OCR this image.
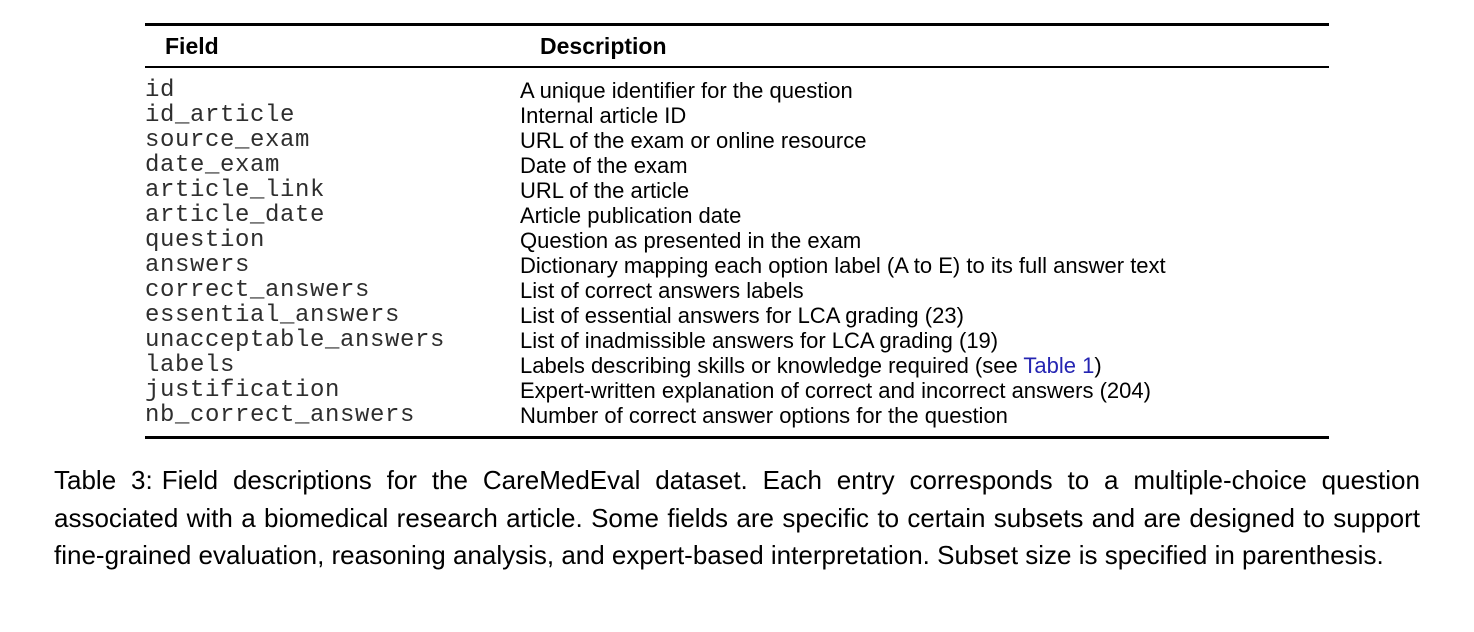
Field	Description
id	A unique identifier for the question
id_article	Internal article ID
source_exam	URL of the exam or online resource
date_exam	Date of the exam
article_link	URL of the article
article_date	Article publication date
question	Question as presented in the exam
answers	Dictionary mapping each option label (A to E) to its full answer text
correct_answers	List of correct answers labels
essential_answers	List of essential answers for LCA grading (23)
unacceptable_answers	List of inadmissible answers for LCA grading (19)
labels	Labels describing skills or knowledge required (see Table 1)
justification	Expert-written explanation of correct and incorrect answers (204)
nb_correct_answers	Number of correct answer options for the question

Table 3: Field descriptions for the CareMedEval dataset. Each entry corresponds to a multiple-choice question associated with a biomedical research article. Some fields are specific to certain subsets and are designed to support fine-grained evaluation, reasoning analysis, and expert-based interpretation. Subset size is specified in parenthesis.
